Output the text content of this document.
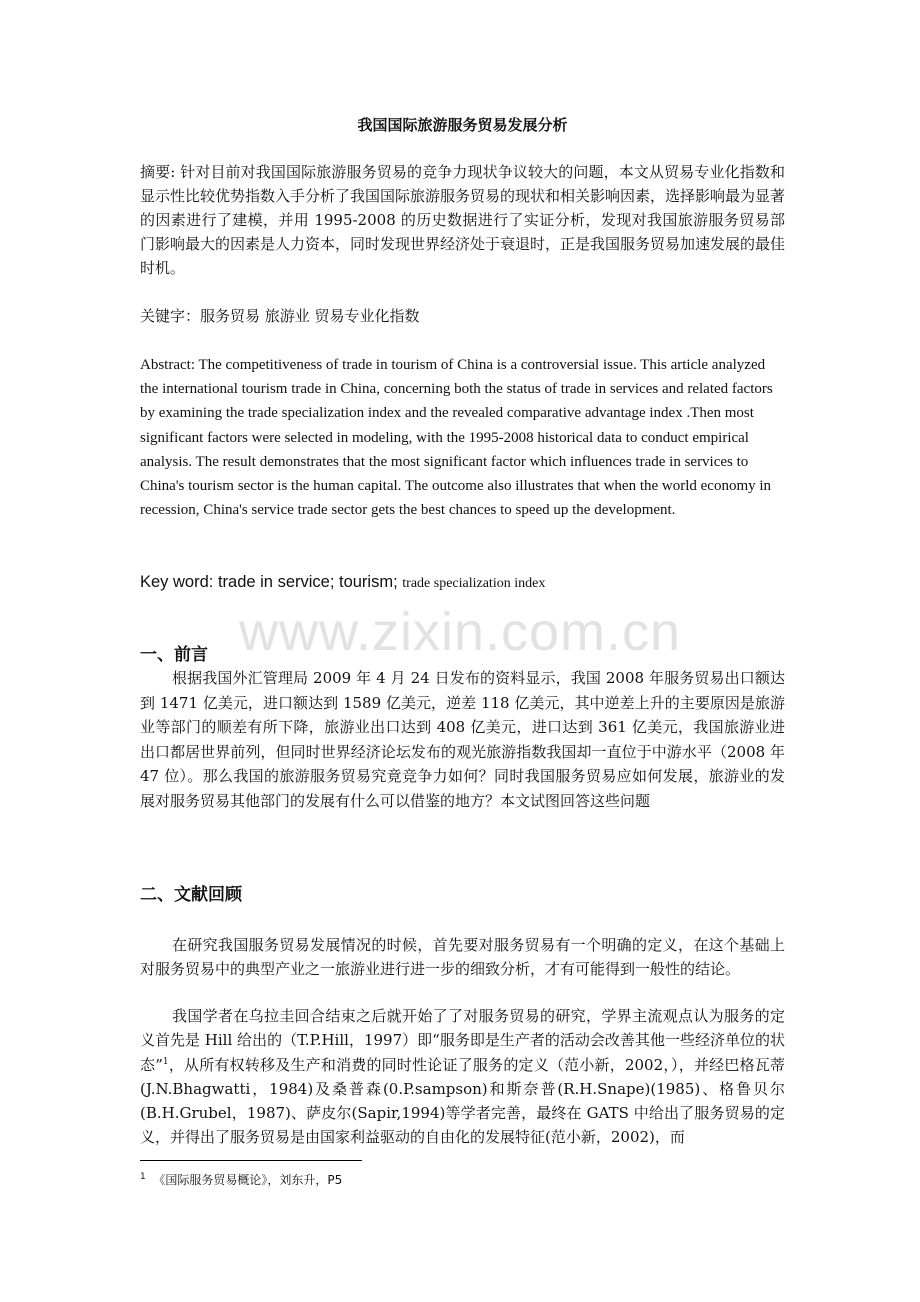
www.zixin.com.cn
我国国际旅游服务贸易发展分析

摘要: 针对目前对我国国际旅游服务贸易的竞争力现状争议较大的问题，本文从贸易专业化指数和显示性比较优势指数入手分析了我国国际旅游服务贸易的现状和相关影响因素，选择影响最为显著的因素进行了建模，并用 1995-2008 的历史数据进行了实证分析，发现对我国旅游服务贸易部门影响最大的因素是人力资本，同时发现世界经济处于衰退时，正是我国服务贸易加速发展的最佳时机。

关键字：服务贸易 旅游业 贸易专业化指数

Abstract: The competitiveness of trade in tourism of China is a controversial issue. This article analyzed the international tourism trade in China, concerning both the status of trade in services and related factors by examining the trade specialization index and the revealed comparative advantage index .Then most significant factors were selected in modeling, with the 1995-2008 historical data to conduct empirical analysis. The result demonstrates that the most significant factor which influences trade in services to China's tourism sector is the human capital. The outcome also illustrates that when the world economy in recession, China's service trade sector gets the best chances to speed up the development.

Key word: trade in service; tourism; trade specialization index

一、前言

根据我国外汇管理局 2009 年 4 月 24 日发布的资料显示，我国 2008 年服务贸易出口额达到 1471 亿美元，进口额达到 1589 亿美元，逆差 118 亿美元，其中逆差上升的主要原因是旅游业等部门的顺差有所下降，旅游业出口达到 408 亿美元，进口达到 361 亿美元，我国旅游业进出口都居世界前列，但同时世界经济论坛发布的观光旅游指数我国却一直位于中游水平（2008 年 47 位）。那么我国的旅游服务贸易究竟竞争力如何？同时我国服务贸易应如何发展，旅游业的发展对服务贸易其他部门的发展有什么可以借鉴的地方？本文试图回答这些问题

二、文献回顾

在研究我国服务贸易发展情况的时候，首先要对服务贸易有一个明确的定义，在这个基础上对服务贸易中的典型产业之一旅游业进行进一步的细致分析，才有可能得到一般性的结论。

我国学者在乌拉圭回合结束之后就开始了了对服务贸易的研究，学界主流观点认为服务的定义首先是 Hill 给出的（T.P.Hill，1997）即“服务即是生产者的活动会改善其他一些经济单位的状态”$^1$，从所有权转移及生产和消费的同时性论证了服务的定义（范小新，2002，），并经巴格瓦蒂(J.N.Bhagwatti，1984)及桑普森(0.P.sampson)和斯奈普(R.H.Snape)(1985)、格鲁贝尔(B.H.Grubel，1987)、萨皮尔(Sapir,1994)等学者完善，最终在 GATS 中给出了服务贸易的定义，并得出了服务贸易是由国家利益驱动的自由化的发展特征(范小新，2002)，而

$^1$ 《国际服务贸易概论》，刘东升，P5
